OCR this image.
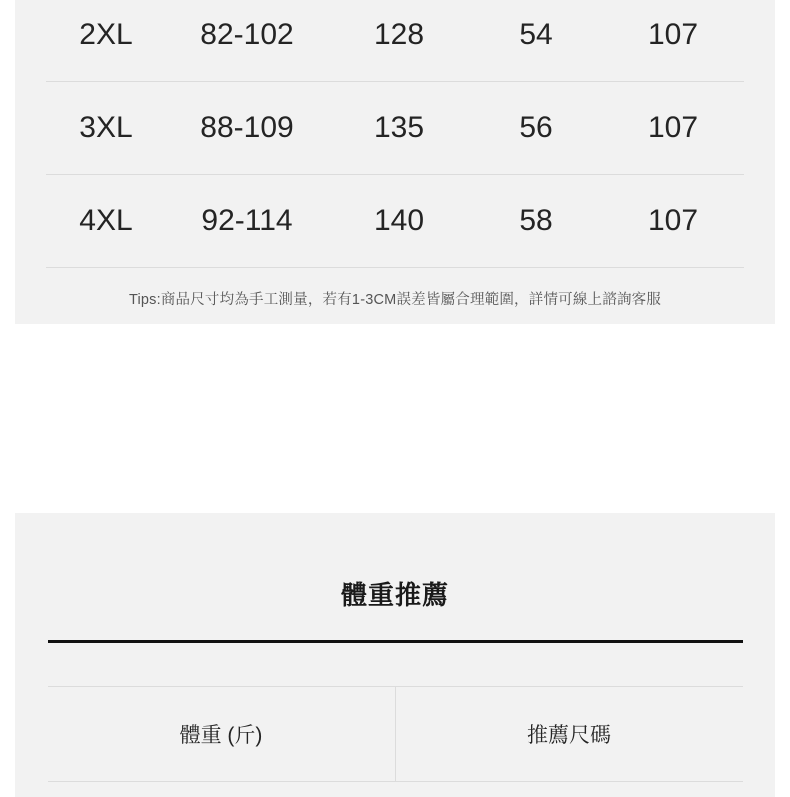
2XL	82-102	128	54	107
3XL	88-109	135	56	107
4XL	92-114	140	58	107
Tips:商品尺寸均為手工測量，若有1-3CM誤差皆屬合理範圍，詳情可線上諮詢客服
體重推薦
體重 (斤)	推薦尺碼
